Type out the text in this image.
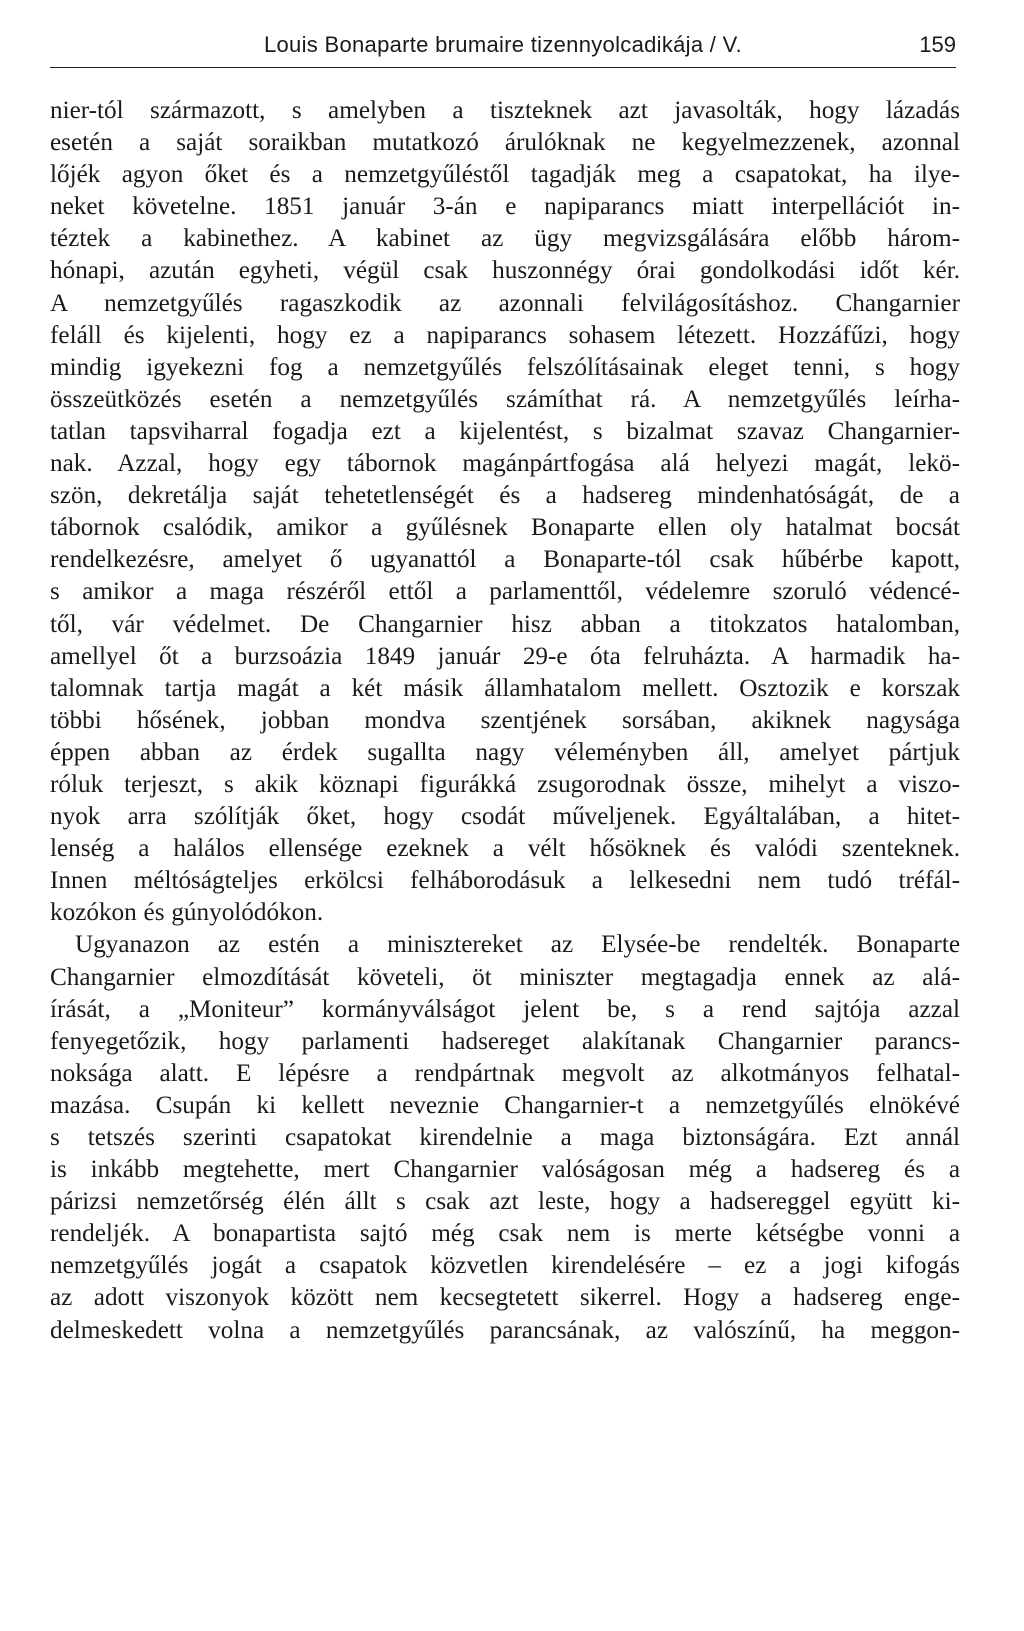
Louis Bonaparte brumaire tizennyolcadikája / V.	159

nier-tól származott, s amelyben a tiszteknek azt javasolták, hogy lázadás
esetén a saját soraikban mutatkozó árulóknak ne kegyelmezzenek, azonnal
lőjék agyon őket és a nemzetgyűléstől tagadják meg a csapatokat, ha ilye-
neket követelne. 1851 január 3-án e napiparancs miatt interpellációt in-
téztek a kabinethez. A kabinet az ügy megvizsgálására előbb három-
hónapi, azután egyheti, végül csak huszonnégy órai gondolkodási időt kér.
A nemzetgyűlés ragaszkodik az azonnali felvilágosításhoz. Changarnier
feláll és kijelenti, hogy ez a napiparancs sohasem létezett. Hozzáfűzi, hogy
mindig igyekezni fog a nemzetgyűlés felszólításainak eleget tenni, s hogy
összeütközés esetén a nemzetgyűlés számíthat rá. A nemzetgyűlés leírha-
tatlan tapsviharral fogadja ezt a kijelentést, s bizalmat szavaz Changarnier-
nak. Azzal, hogy egy tábornok magánpártfogása alá helyezi magát, lekö-
szön, dekretálja saját tehetetlenségét és a hadsereg mindenhatóságát, de a
tábornok csalódik, amikor a gyűlésnek Bonaparte ellen oly hatalmat bocsát
rendelkezésre, amelyet ő ugyanattól a Bonaparte-tól csak hűbérbe kapott,
s amikor a maga részéről ettől a parlamenttől, védelemre szoruló védencé-
től, vár védelmet. De Changarnier hisz abban a titokzatos hatalomban,
amellyel őt a burzsoázia 1849 január 29-e óta felruházta. A harmadik ha-
talomnak tartja magát a két másik államhatalom mellett. Osztozik e korszak
többi hősének, jobban mondva szentjének sorsában, akiknek nagysága
éppen abban az érdek sugallta nagy véleményben áll, amelyet pártjuk
róluk terjeszt, s akik köznapi figurákká zsugorodnak össze, mihelyt a viszo-
nyok arra szólítják őket, hogy csodát műveljenek. Egyáltalában, a hitet-
lenség a halálos ellensége ezeknek a vélt hősöknek és valódi szenteknek.
Innen méltóságteljes erkölcsi felháborodásuk a lelkesedni nem tudó tréfál-
kozókon és gúnyolódókon.

Ugyanazon az estén a minisztereket az Elysée-be rendelték. Bonaparte
Changarnier elmozdítását követeli, öt miniszter megtagadja ennek az alá-
írását, a „Moniteur” kormányválságot jelent be, s a rend sajtója azzal
fenyegetőzik, hogy parlamenti hadsereget alakítanak Changarnier parancs-
noksága alatt. E lépésre a rendpártnak megvolt az alkotmányos felhatal-
mazása. Csupán ki kellett neveznie Changarnier-t a nemzetgyűlés elnökévé
s tetszés szerinti csapatokat kirendelnie a maga biztonságára. Ezt annál
is inkább megtehette, mert Changarnier valóságosan még a hadsereg és a
párizsi nemzetőrség élén állt s csak azt leste, hogy a hadsereggel együtt ki-
rendeljék. A bonapartista sajtó még csak nem is merte kétségbe vonni a
nemzetgyűlés jogát a csapatok közvetlen kirendelésére – ez a jogi kifogás
az adott viszonyok között nem kecsegtetett sikerrel. Hogy a hadsereg enge-
delmeskedett volna a nemzetgyűlés parancsának, az valószínű, ha meggon-
